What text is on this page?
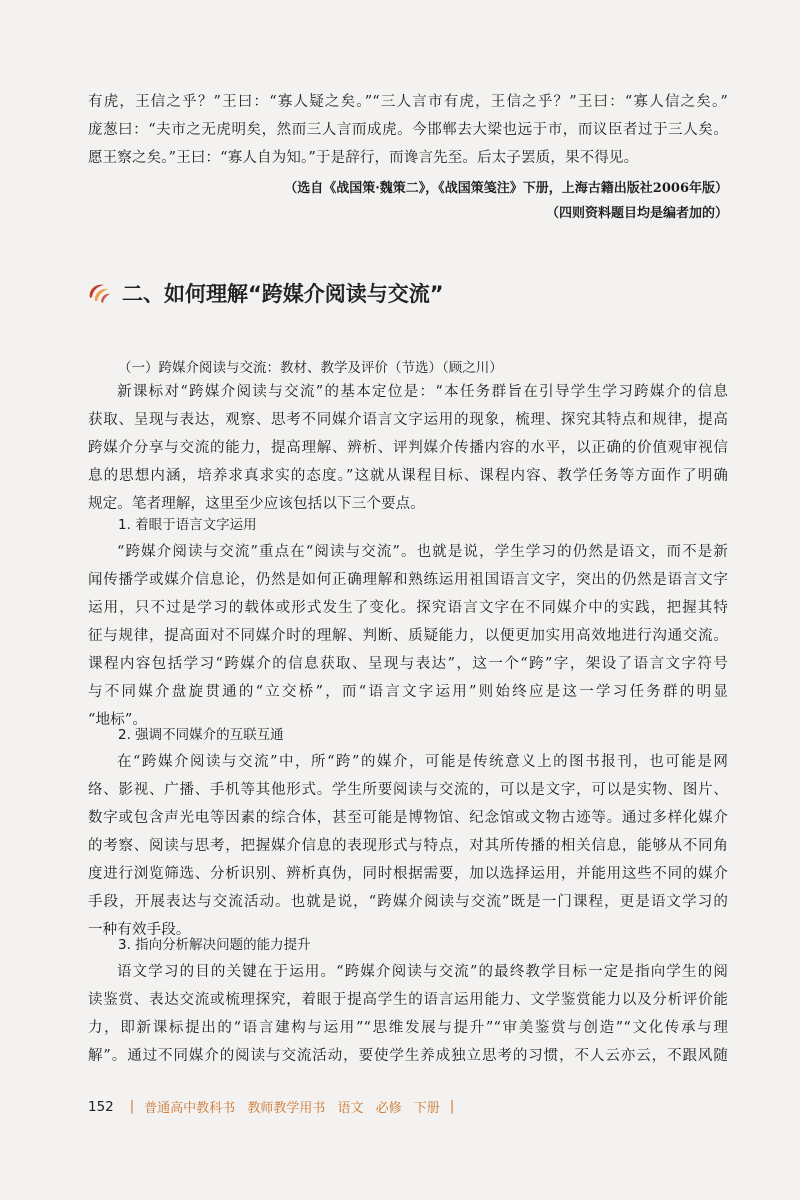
有虎，王信之乎？”王曰：“寡人疑之矣。”“三人言市有虎，王信之乎？”王曰：“寡人信之矣。”

庞葱曰：“夫市之无虎明矣，然而三人言而成虎。今邯郸去大梁也远于市，而议臣者过于三人矣。

愿王察之矣。”王曰：“寡人自为知。”于是辞行，而谗言先至。后太子罢质，果不得见。

（选自《战国策·魏策二》，《战国策笺注》下册，上海古籍出版社2006年版）
（四则资料题目均是编者加的）
二、如何理解“跨媒介阅读与交流”
（一）跨媒介阅读与交流：教材、教学及评价（节选）（顾之川）

新课标对“跨媒介阅读与交流”的基本定位是：“本任务群旨在引导学生学习跨媒介的信息

获取、呈现与表达，观察、思考不同媒介语言文字运用的现象，梳理、探究其特点和规律，提高

跨媒介分享与交流的能力，提高理解、辨析、评判媒介传播内容的水平，以正确的价值观审视信

息的思想内涵，培养求真求实的态度。”这就从课程目标、课程内容、教学任务等方面作了明确

规定。笔者理解，这里至少应该包括以下三个要点。

1. 着眼于语言文字运用

“跨媒介阅读与交流”重点在“阅读与交流”。也就是说，学生学习的仍然是语文，而不是新

闻传播学或媒介信息论，仍然是如何正确理解和熟练运用祖国语言文字，突出的仍然是语言文字

运用，只不过是学习的载体或形式发生了变化。探究语言文字在不同媒介中的实践，把握其特

征与规律，提高面对不同媒介时的理解、判断、质疑能力，以便更加实用高效地进行沟通交流。

课程内容包括学习“跨媒介的信息获取、呈现与表达”，这一个“跨”字，架设了语言文字符号

与不同媒介盘旋贯通的“立交桥”，而“语言文字运用”则始终应是这一学习任务群的明显

“地标”。

2. 强调不同媒介的互联互通

在“跨媒介阅读与交流”中，所“跨”的媒介，可能是传统意义上的图书报刊，也可能是网

络、影视、广播、手机等其他形式。学生所要阅读与交流的，可以是文字，可以是实物、图片、

数字或包含声光电等因素的综合体，甚至可能是博物馆、纪念馆或文物古迹等。通过多样化媒介

的考察、阅读与思考，把握媒介信息的表现形式与特点，对其所传播的相关信息，能够从不同角

度进行浏览筛选、分析识别、辨析真伪，同时根据需要，加以选择运用，并能用这些不同的媒介

手段，开展表达与交流活动。也就是说，“跨媒介阅读与交流”既是一门课程，更是语文学习的

一种有效手段。

3. 指向分析解决问题的能力提升

语文学习的目的关键在于运用。“跨媒介阅读与交流”的最终教学目标一定是指向学生的阅

读鉴赏、表达交流或梳理探究，着眼于提高学生的语言运用能力、文学鉴赏能力以及分析评价能

力，即新课标提出的“语言建构与运用”“思维发展与提升”“审美鉴赏与创造”“文化传承与理

解”。通过不同媒介的阅读与交流活动，要使学生养成独立思考的习惯，不人云亦云，不跟风随

152 | 普通高中教科书 教师教学用书 语文 必修 下册 |
